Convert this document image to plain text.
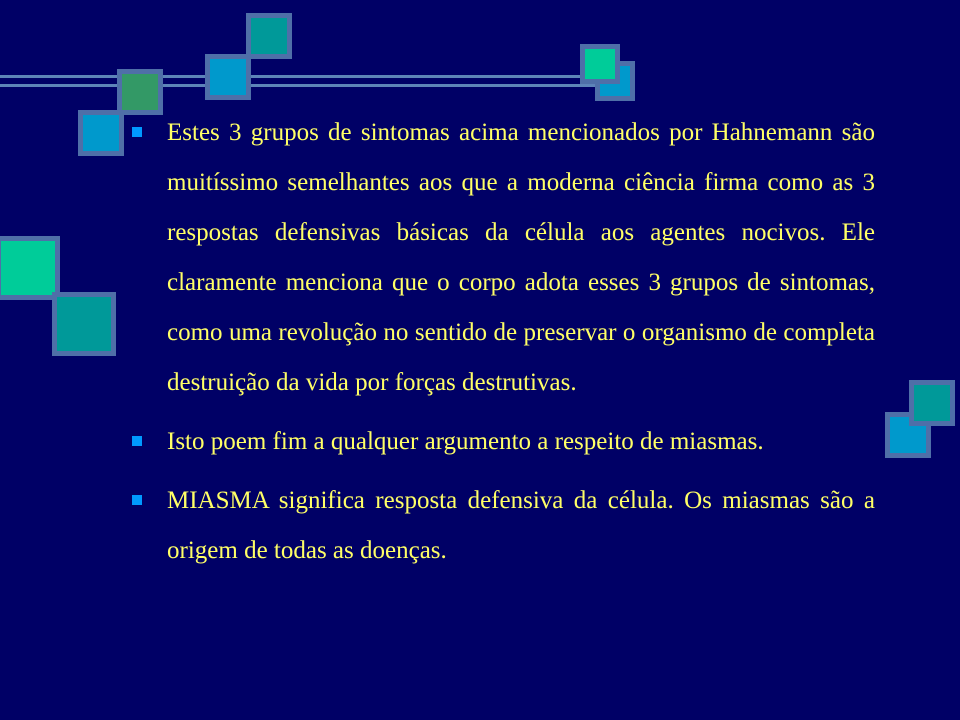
Estes 3 grupos de sintomas acima mencionados por Hahnemann são muitíssimo semelhantes aos que a moderna ciência firma como as 3 respostas defensivas básicas da célula aos agentes nocivos. Ele claramente menciona que o corpo adota esses 3 grupos de sintomas, como uma revolução no sentido de preservar o organismo de completa destruição da vida por forças destrutivas.
Isto poem fim a qualquer argumento a respeito de miasmas.
MIASMA significa resposta defensiva da célula. Os miasmas são a origem de todas as doenças.
